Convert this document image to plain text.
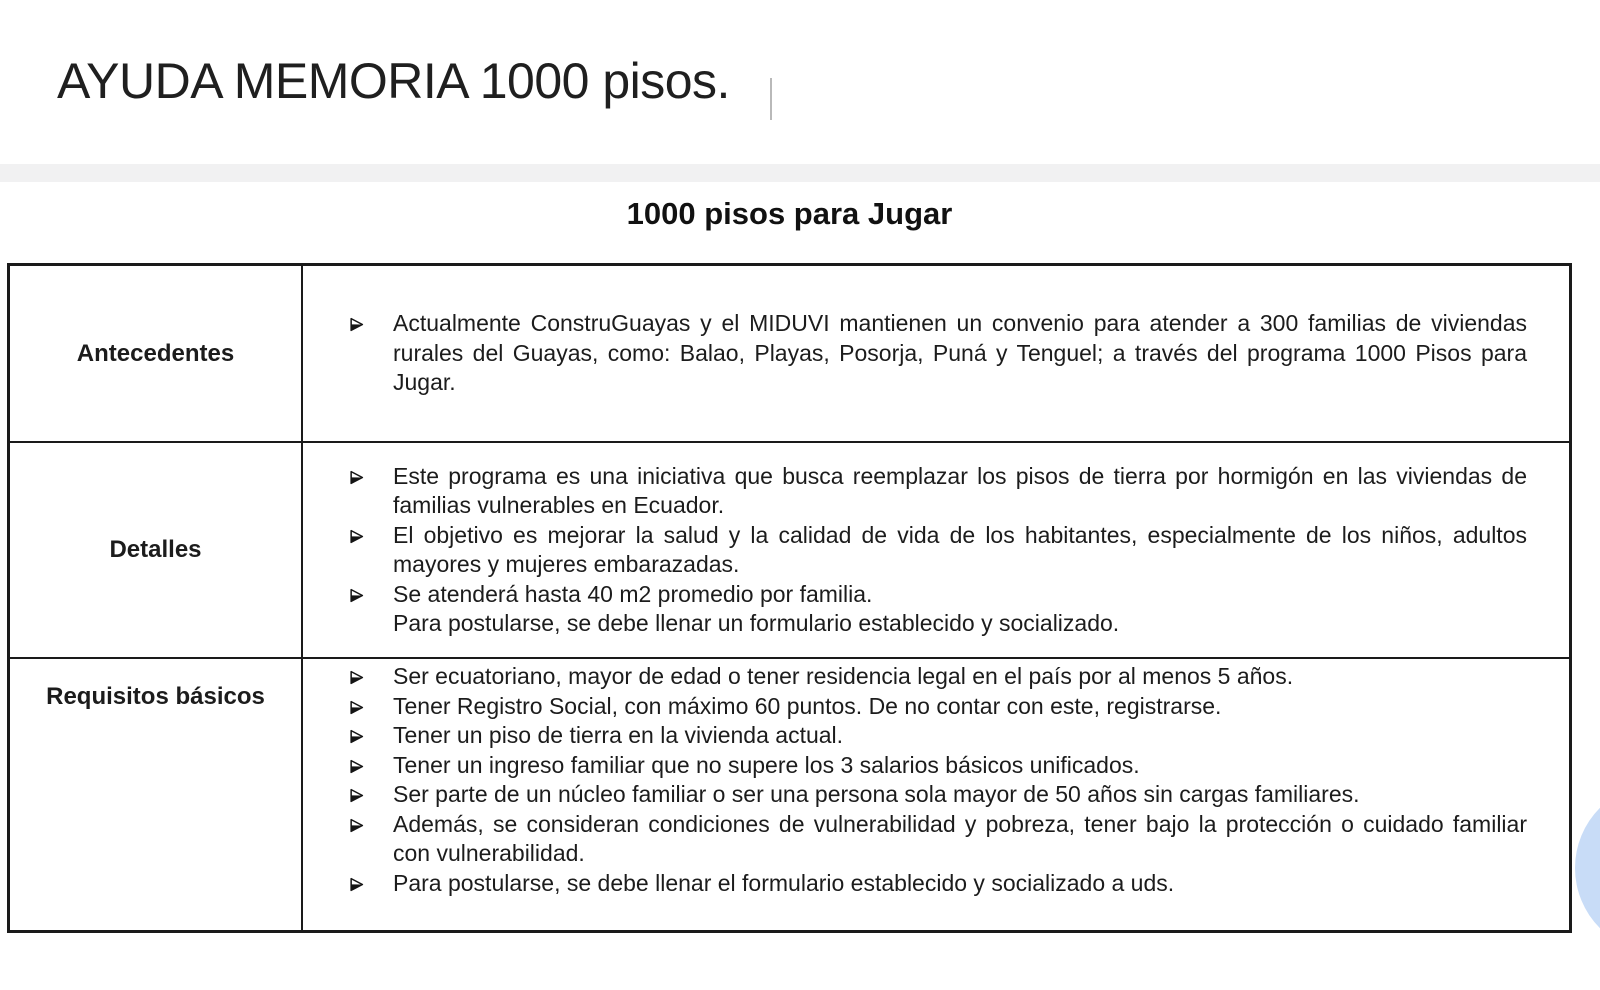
AYUDA MEMORIA 1000 pisos.
1000 pisos para Jugar
Antecedentes
Actualmente ConstruGuayas y el MIDUVI mantienen un convenio para atender a 300 familias de viviendas rurales del Guayas, como: Balao, Playas, Posorja, Puná y Tenguel; a través del programa 1000 Pisos para Jugar.
Detalles
Este programa es una iniciativa que busca reemplazar los pisos de tierra por hormigón en las viviendas de familias vulnerables en Ecuador.
El objetivo es mejorar la salud y la calidad de vida de los habitantes, especialmente de los niños, adultos mayores y mujeres embarazadas.
Se atenderá hasta 40 m2 promedio por familia.
Para postularse, se debe llenar un formulario establecido y socializado.
Requisitos básicos
Ser ecuatoriano, mayor de edad o tener residencia legal en el país por al menos 5 años.
Tener Registro Social, con máximo 60 puntos. De no contar con este, registrarse.
Tener un piso de tierra en la vivienda actual.
Tener un ingreso familiar que no supere los 3 salarios básicos unificados.
Ser parte de un núcleo familiar o ser una persona sola mayor de 50 años sin cargas familiares.
Además, se consideran condiciones de vulnerabilidad y pobreza, tener bajo la protección o cuidado familiar con vulnerabilidad.
Para postularse, se debe llenar el formulario establecido y socializado a uds.
